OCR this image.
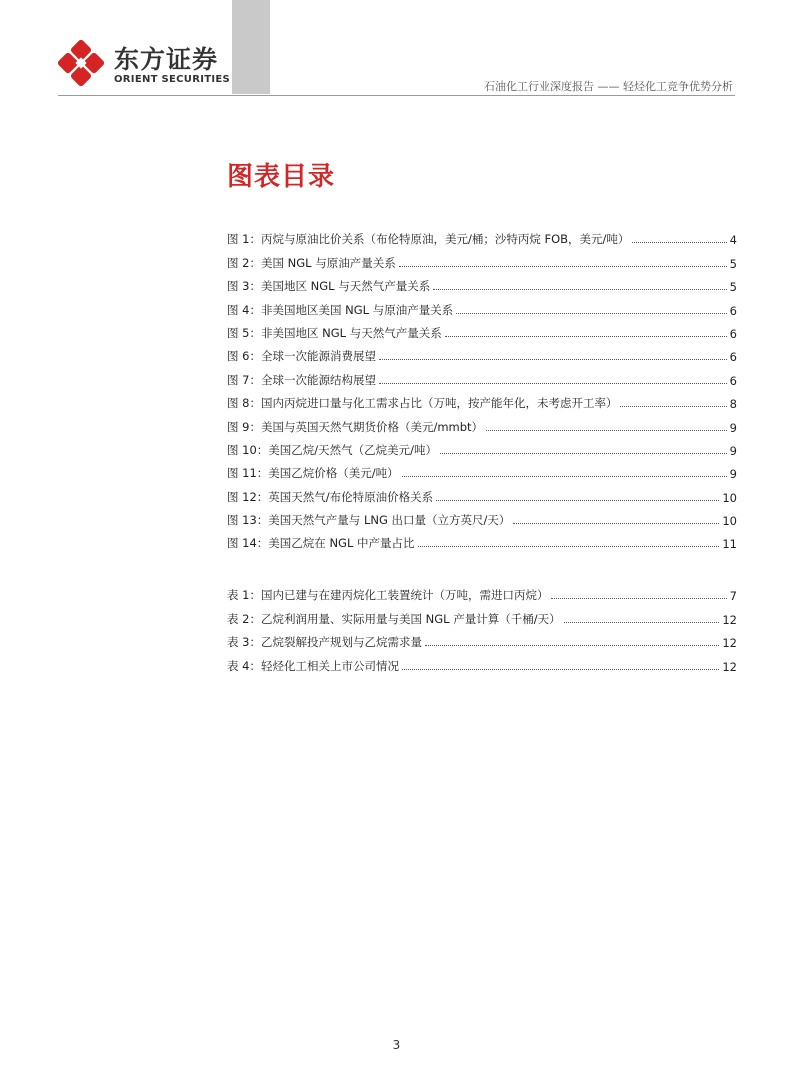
东方证券
ORIENT SECURITIES
石油化工行业深度报告 —— 轻烃化工竞争优势分析
图表目录
图 1：丙烷与原油比价关系（布伦特原油，美元/桶；沙特丙烷 FOB，美元/吨）	4
图 2：美国 NGL 与原油产量关系	5
图 3：美国地区 NGL 与天然气产量关系	5
图 4：非美国地区美国 NGL 与原油产量关系	6
图 5：非美国地区 NGL 与天然气产量关系	6
图 6：全球一次能源消费展望	6
图 7：全球一次能源结构展望	6
图 8：国内丙烷进口量与化工需求占比（万吨，按产能年化，未考虑开工率）	8
图 9：美国与英国天然气期货价格（美元/mmbt）	9
图 10：美国乙烷/天然气（乙烷美元/吨）	9
图 11：美国乙烷价格（美元/吨）	9
图 12：英国天然气/布伦特原油价格关系	10
图 13：美国天然气产量与 LNG 出口量（立方英尺/天）	10
图 14：美国乙烷在 NGL 中产量占比	11
表 1：国内已建与在建丙烷化工装置统计（万吨，需进口丙烷）	7
表 2：乙烷利润用量、实际用量与美国 NGL 产量计算（千桶/天）	12
表 3：乙烷裂解投产规划与乙烷需求量	12
表 4：轻烃化工相关上市公司情况	12
3
